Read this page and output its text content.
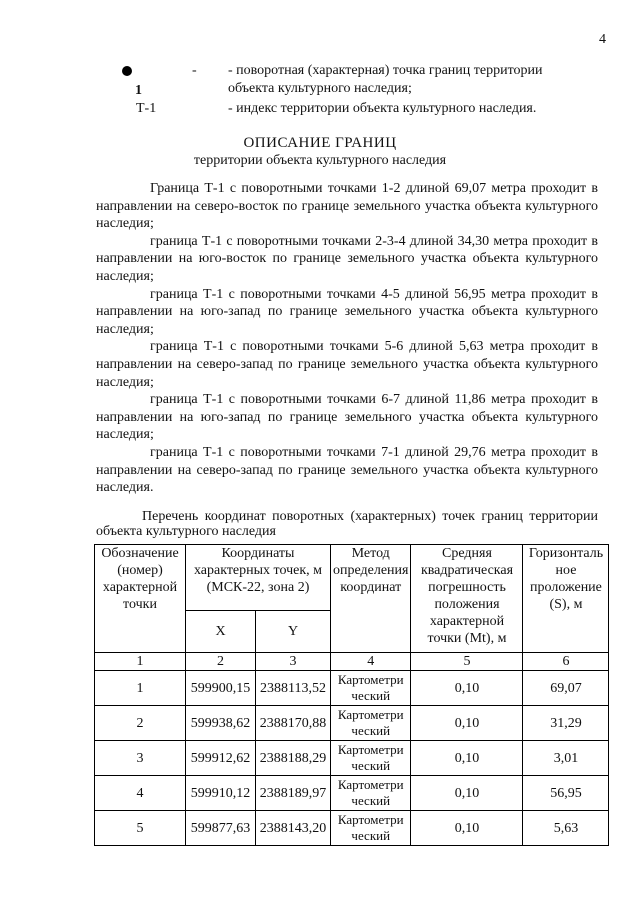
4
1
- - поворотная (характерная) точка границ территории объекта культурного наследия;
Т-1	- индекс территории объекта культурного наследия.
ОПИСАНИЕ ГРАНИЦ
территории объекта культурного наследия

Граница Т-1 с поворотными точками 1-2 длиной 69,07 метра проходит в направлении на северо-восток по границе земельного участка объекта культурного наследия;

граница Т-1 с поворотными точками 2-3-4 длиной 34,30 метра проходит в направлении на юго-восток по границе земельного участка объекта культурного наследия;

граница Т-1 с поворотными точками 4-5 длиной 56,95 метра проходит в направлении на юго-запад по границе земельного участка объекта культурного наследия;

граница Т-1 с поворотными точками 5-6 длиной 5,63 метра проходит в направлении на северо-запад по границе земельного участка объекта культурного наследия;

граница Т-1 с поворотными точками 6-7 длиной 11,86 метра проходит в направлении на юго-запад по границе земельного участка объекта культурного наследия;

граница Т-1 с поворотными точками 7-1 длиной 29,76 метра проходит в направлении на северо-запад по границе земельного участка объекта культурного наследия.

Перечень координат поворотных (характерных) точек границ территории объекта культурного наследия

Обозначение (номер) характерной точки	Координаты характерных точек, м (МСК-22, зона 2)		Метод определения координат	Средняя квадратическая погрешность положения характерной точки (Mt), м	Горизонталь ное проложение (S), м
	X	Y			
1	2	3	4	5	6
1	599900,15	2388113,52	Картометри ческий	0,10	69,07
2	599938,62	2388170,88	Картометри ческий	0,10	31,29
3	599912,62	2388188,29	Картометри ческий	0,10	3,01
4	599910,12	2388189,97	Картометри ческий	0,10	56,95
5	599877,63	2388143,20	Картометри ческий	0,10	5,63
